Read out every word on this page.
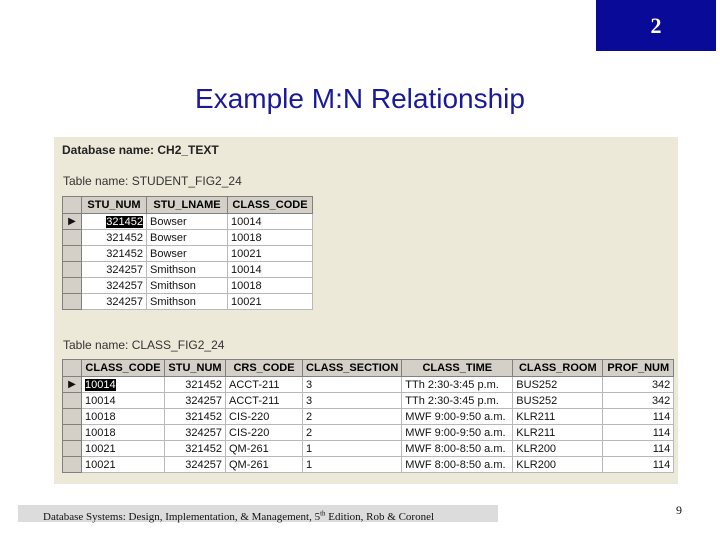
2
Example M:N Relationship
Database name: CH2_TEXT
Table name: STUDENT_FIG2_24
	STU_NUM	STU_LNAME	CLASS_CODE
▶	321452	Bowser	10014
	321452	Bowser	10018
	321452	Bowser	10021
	324257	Smithson	10014
	324257	Smithson	10018
	324257	Smithson	10021
Table name: CLASS_FIG2_24
	CLASS_CODE	STU_NUM	CRS_CODE	CLASS_SECTION	CLASS_TIME	CLASS_ROOM	PROF_NUM
▶	10014	321452	ACCT-211	3	TTh 2:30-3:45 p.m.	BUS252	342
	10014	324257	ACCT-211	3	TTh 2:30-3:45 p.m.	BUS252	342
	10018	321452	CIS-220	2	MWF 9:00-9:50 a.m.	KLR211	114
	10018	324257	CIS-220	2	MWF 9:00-9:50 a.m.	KLR211	114
	10021	321452	QM-261	1	MWF 8:00-8:50 a.m.	KLR200	114
	10021	324257	QM-261	1	MWF 8:00-8:50 a.m.	KLR200	114
Database Systems: Design, Implementation, & Management, 5th Edition, Rob & Coronel	9
